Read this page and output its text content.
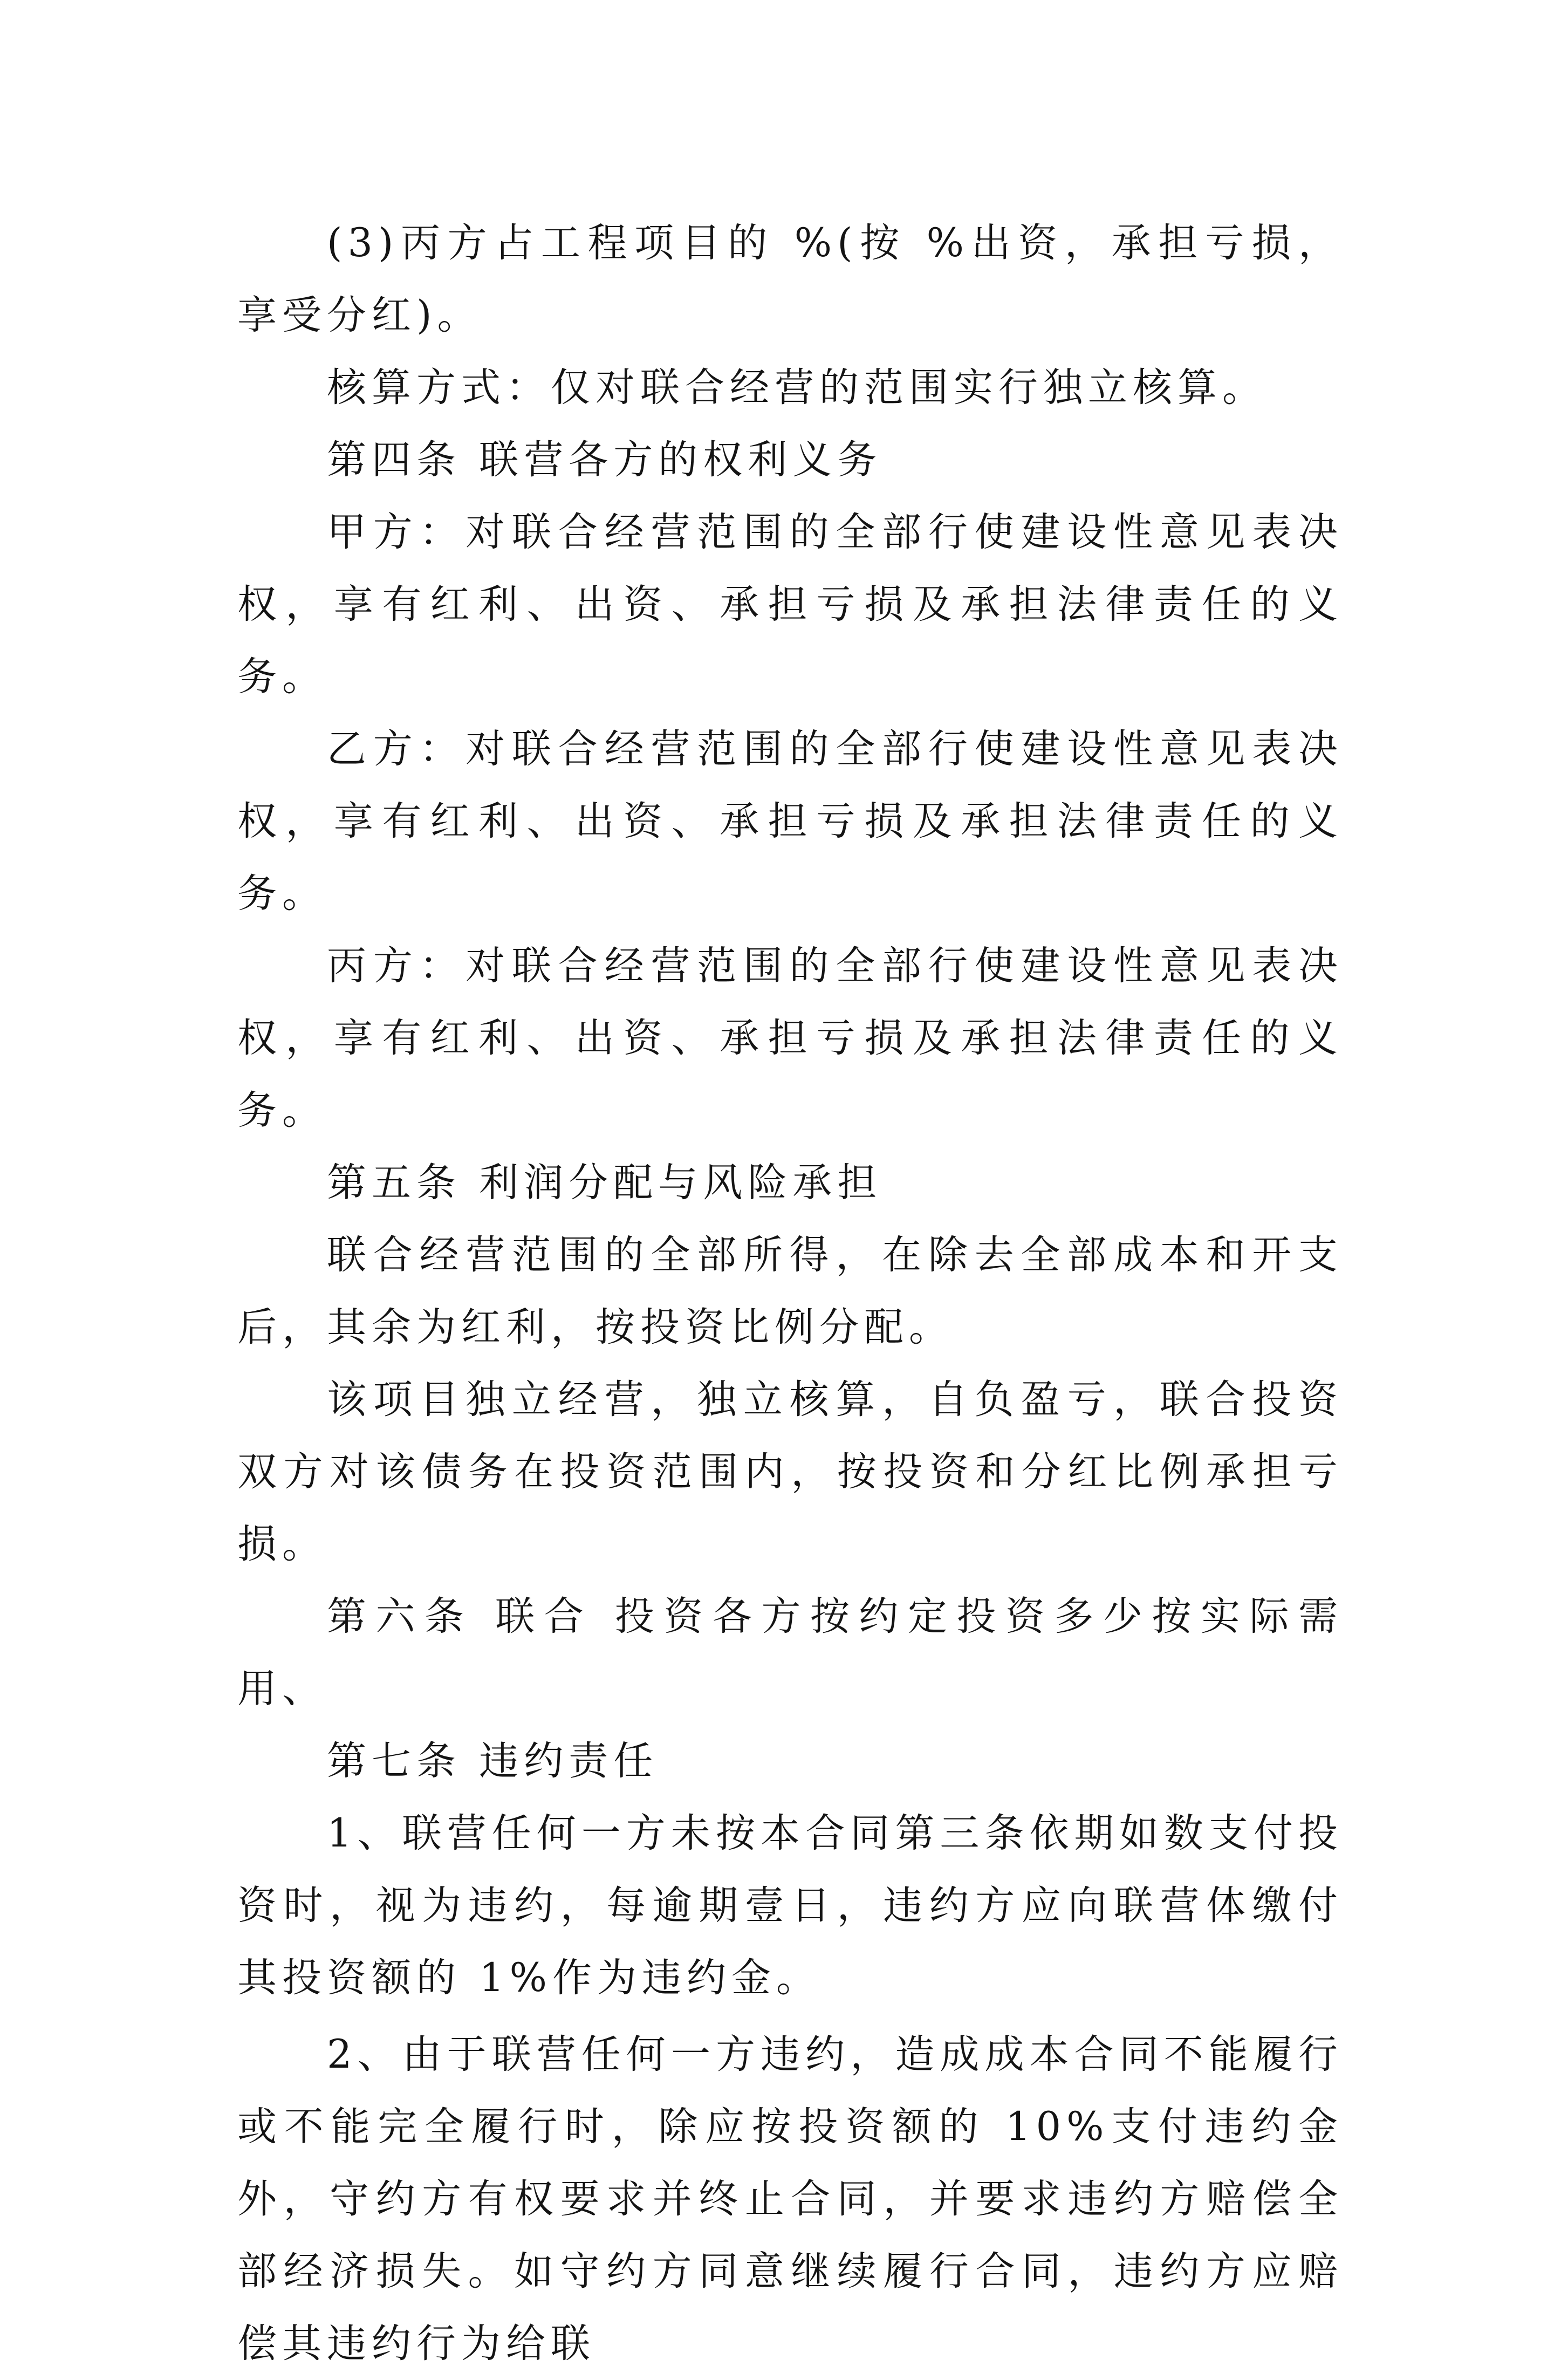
(3)丙方占工程项目的 %(按 %出资，承担亏损，享受分红)。

核算方式：仅对联合经营的范围实行独立核算。

第四条 联营各方的权利义务

甲方：对联合经营范围的全部行使建设性意见表决权，享有红利、出资、承担亏损及承担法律责任的义务。

乙方：对联合经营范围的全部行使建设性意见表决权，享有红利、出资、承担亏损及承担法律责任的义务。

丙方：对联合经营范围的全部行使建设性意见表决权，享有红利、出资、承担亏损及承担法律责任的义务。

第五条 利润分配与风险承担

联合经营范围的全部所得，在除去全部成本和开支后，其余为红利，按投资比例分配。

该项目独立经营，独立核算，自负盈亏，联合投资双方对该债务在投资范围内，按投资和分红比例承担亏损。

第六条 联合 投资各方按约定投资多少按实际需用、

第七条 违约责任

1、联营任何一方未按本合同第三条依期如数支付投资时，视为违约，每逾期壹日，违约方应向联营体缴付其投资额的 1%作为违约金。

2、由于联营任何一方违约，造成成本合同不能履行或不能完全履行时，除应按投资额的 10%支付违约金外，守约方有权要求并终止合同，并要求违约方赔偿全部经济损失。如守约方同意继续履行合同，违约方应赔偿其违约行为给联
